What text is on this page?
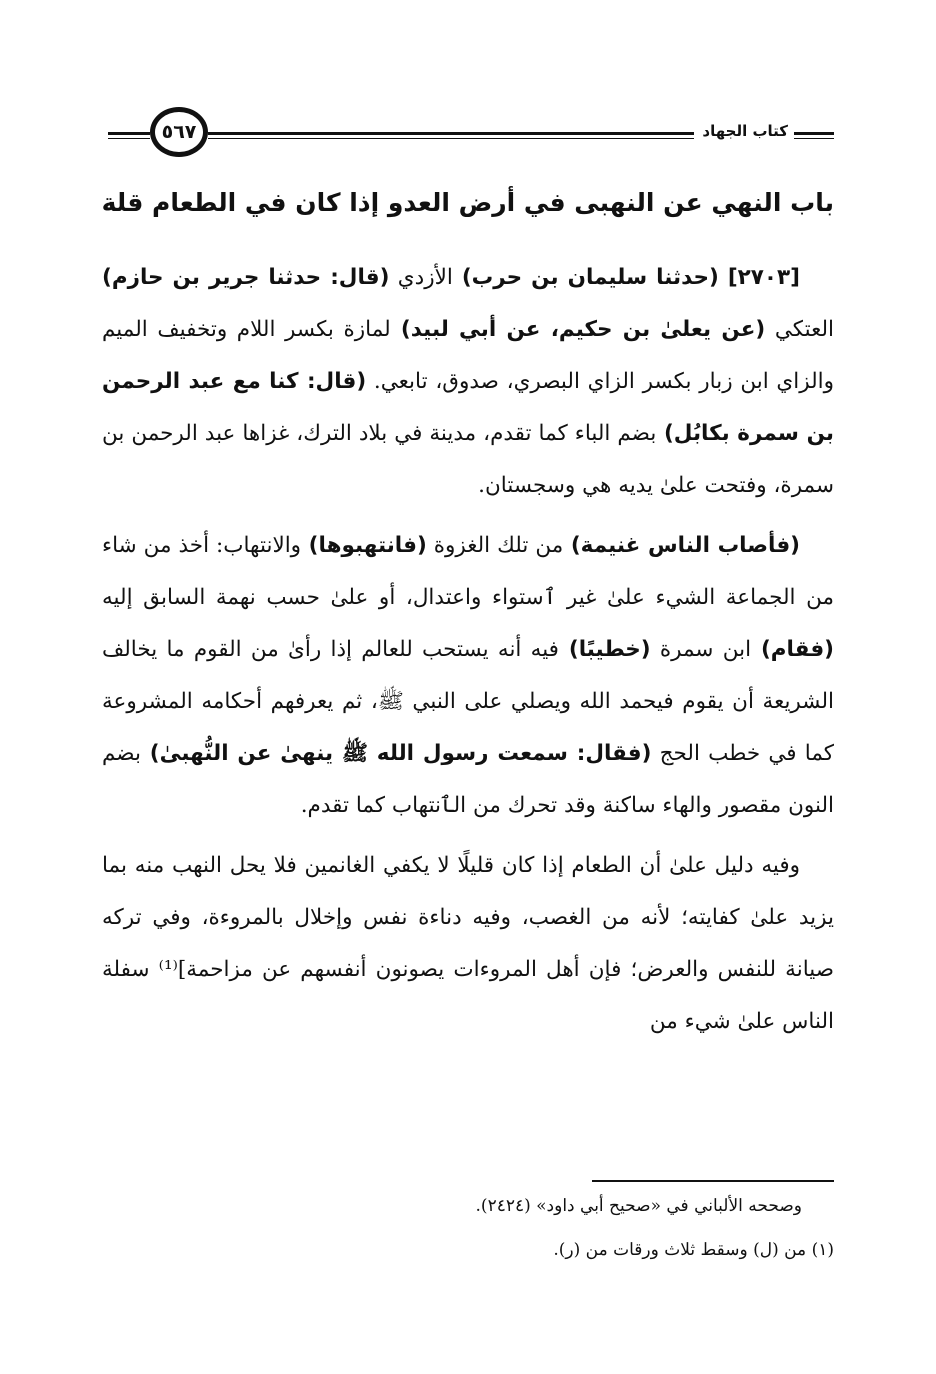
كتاب الجهاد
٥٦٧
باب النهي عن النهبى في أرض العدو إذا كان في الطعام قلة

[٢٧٠٣] (حدثنا سليمان بن حرب) الأزدي (قال: حدثنا جرير بن حازم) العتكي (عن يعلىٰ بن حكيم، عن أبي لبيد) لمازة بكسر اللام وتخفيف الميم والزاي ابن زبار بكسر الزاي البصري، صدوق، تابعي. (قال: كنا مع عبد الرحمن بن سمرة بكابُل) بضم الباء كما تقدم، مدينة في بلاد الترك، غزاها عبد الرحمن بن سمرة، وفتحت علىٰ يديه هي وسجستان.

(فأصاب الناس غنيمة) من تلك الغزوة (فانتهبوها) والانتهاب: أخذ من شاء من الجماعة الشيء علىٰ غير ٱستواء واعتدال، أو علىٰ حسب نهمة السابق إليه (فقام) ابن سمرة (خطيبًا) فيه أنه يستحب للعالم إذا رأىٰ من القوم ما يخالف الشريعة أن يقوم فيحمد الله ويصلي على النبي ﷺ، ثم يعرفهم أحكامه المشروعة كما في خطب الحج (فقال: سمعت رسول الله ﷺ ينهىٰ عن النُّهبىٰ) بضم النون مقصور والهاء ساكنة وقد تحرك من الٱنتهاب كما تقدم.

وفيه دليل علىٰ أن الطعام إذا كان قليلًا لا يكفي الغانمين فلا يحل النهب منه بما يزيد علىٰ كفايته؛ لأنه من الغصب، وفيه دناءة نفس وإخلال بالمروءة، وفي تركه صيانة للنفس والعرض؛ فإن أهل المروءات يصونون أنفسهم عن مزاحمة]⁽¹⁾ سفلة الناس علىٰ شيء من

وصححه الألباني في «صحيح أبي داود» (٢٤٢٤).
(١) من (ل) وسقط ثلاث ورقات من (ر).
